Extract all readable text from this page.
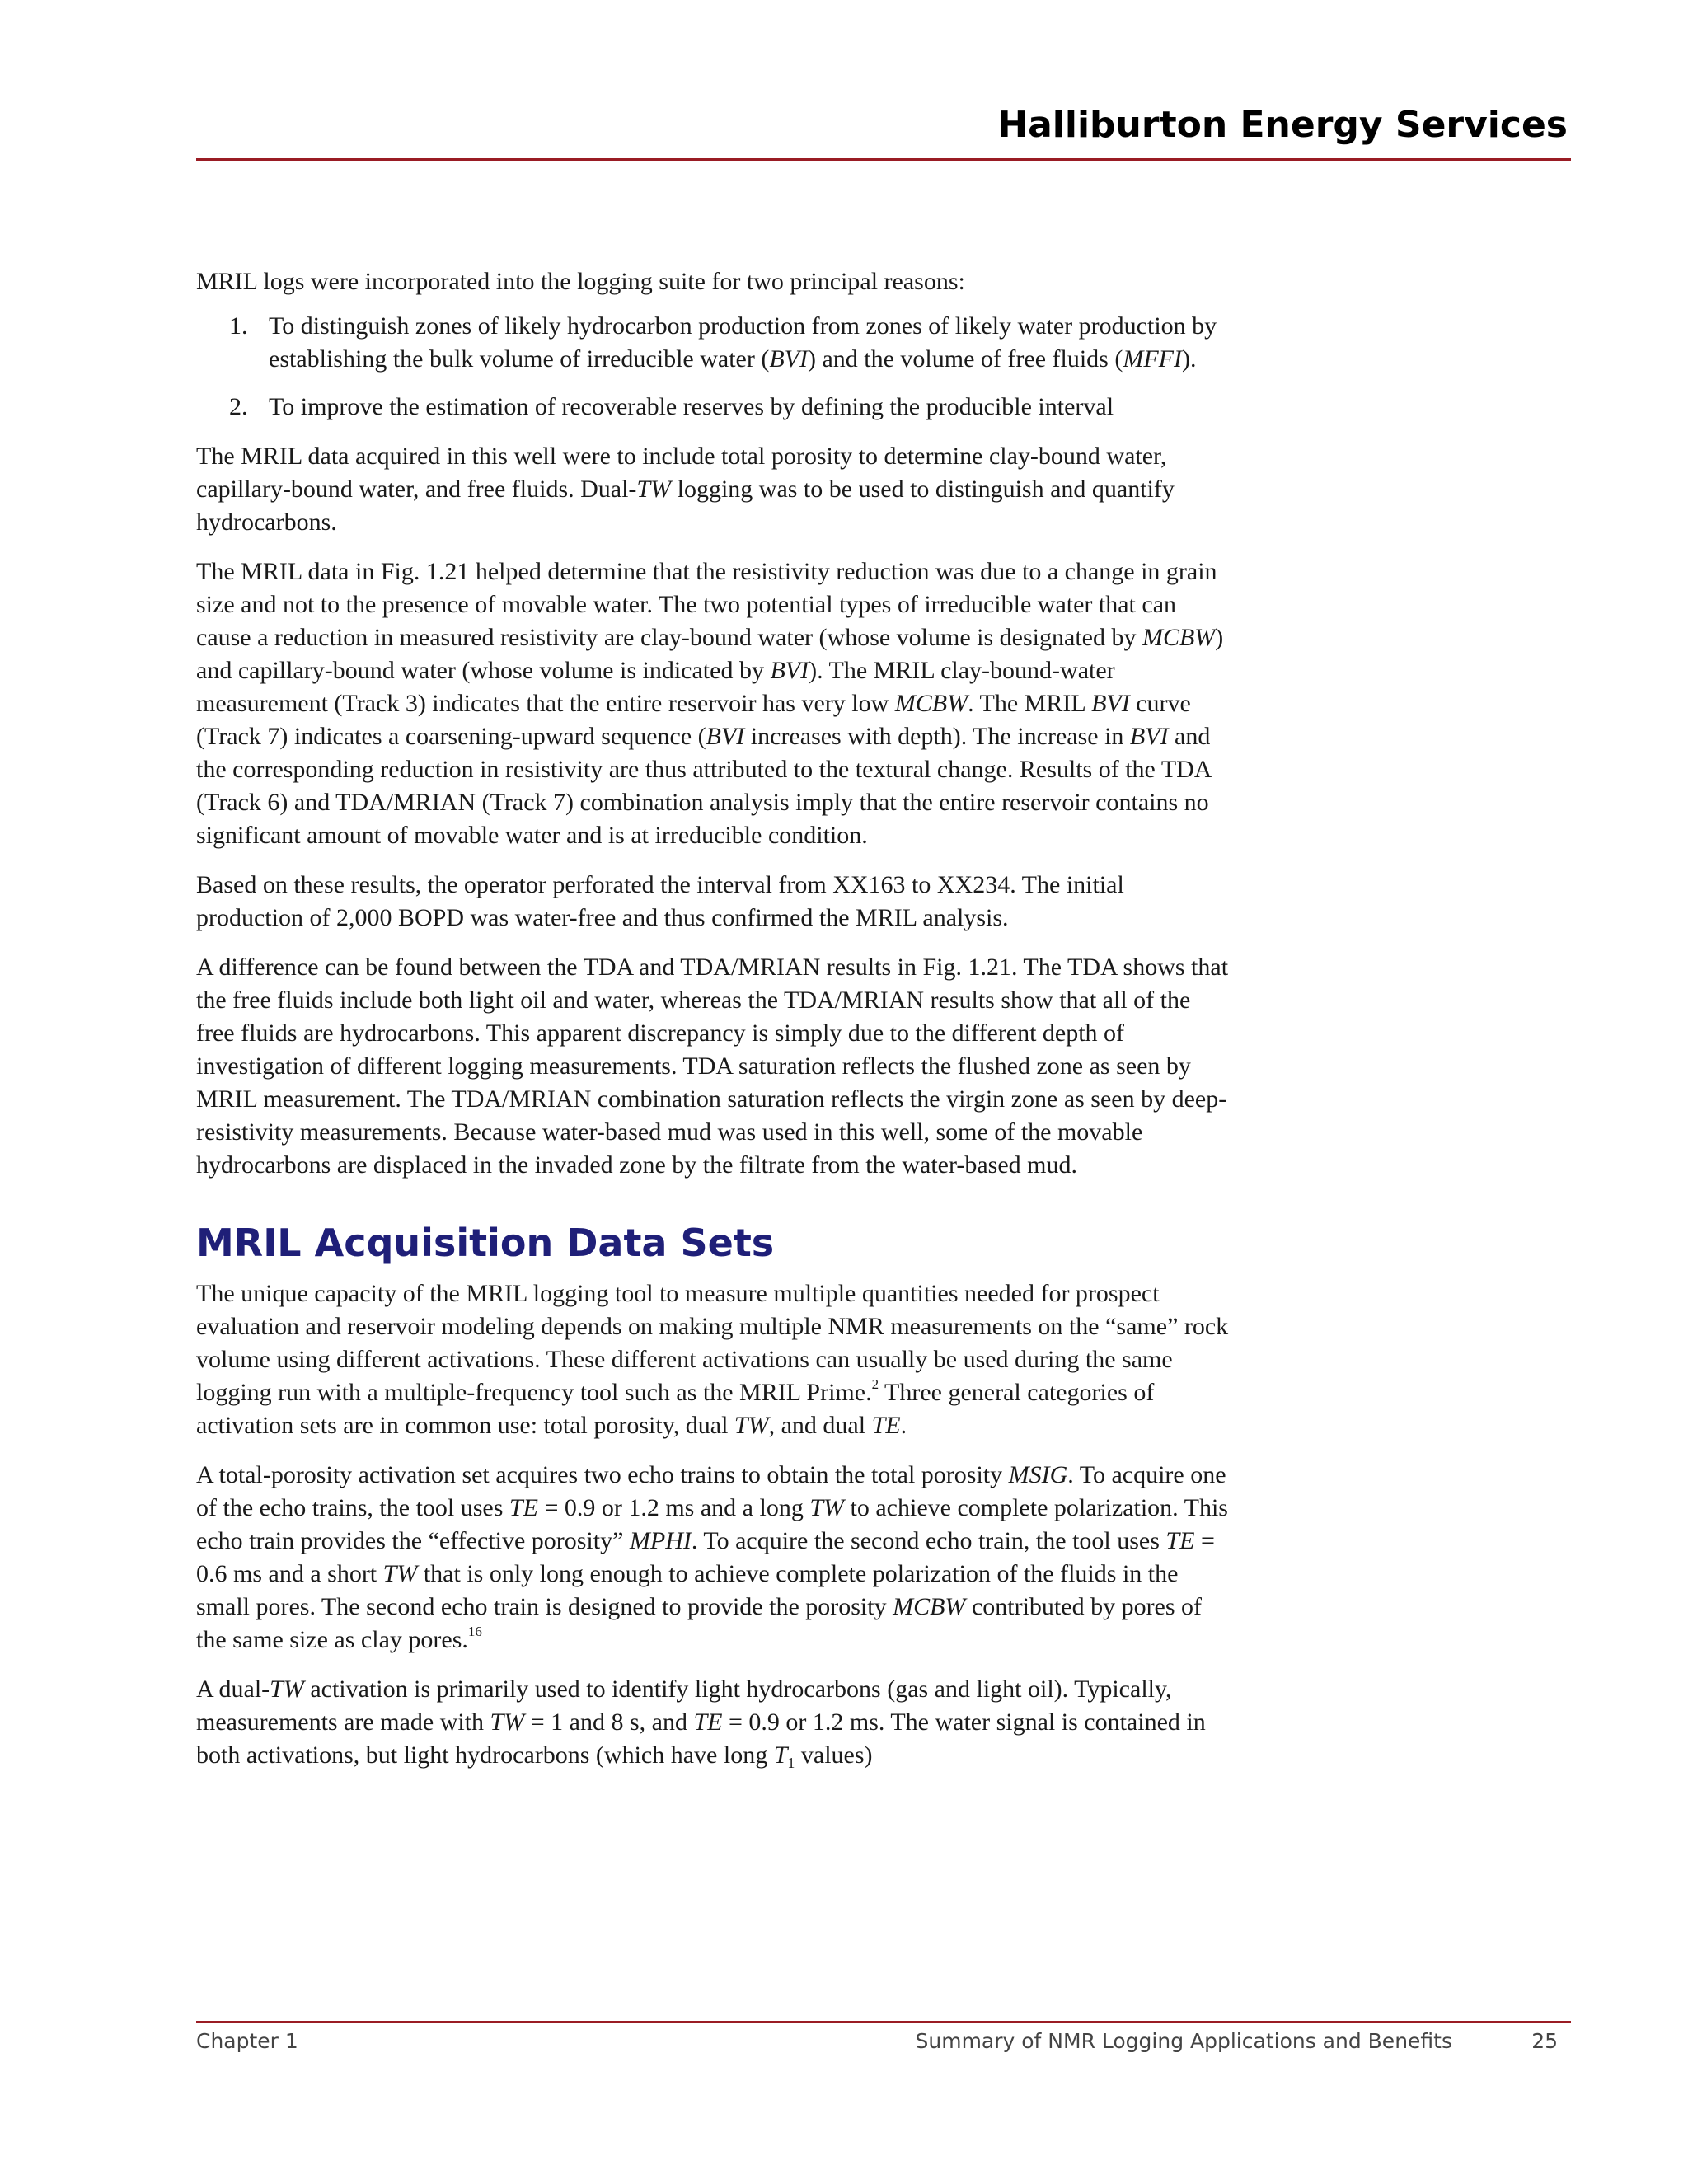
Halliburton Energy Services

MRIL logs were incorporated into the logging suite for two principal reasons:

1. To distinguish zones of likely hydrocarbon production from zones of likely water production by establishing the bulk volume of irreducible water (BVI) and the volume of free fluids (MFFI).
2. To improve the estimation of recoverable reserves by defining the producible interval

The MRIL data acquired in this well were to include total porosity to determine clay-bound water, capillary-bound water, and free fluids. Dual-TW logging was to be used to distinguish and quantify hydrocarbons.

The MRIL data in Fig. 1.21 helped determine that the resistivity reduction was due to a change in grain size and not to the presence of movable water. The two potential types of irreducible water that can cause a reduction in measured resistivity are clay-bound water (whose volume is designated by MCBW) and capillary-bound water (whose volume is indicated by BVI). The MRIL clay-bound-water measurement (Track 3) indicates that the entire reservoir has very low MCBW. The MRIL BVI curve (Track 7) indicates a coarsening-upward sequence (BVI increases with depth). The increase in BVI and the corresponding reduction in resistivity are thus attributed to the textural change. Results of the TDA (Track 6) and TDA/MRIAN (Track 7) combination analysis imply that the entire reservoir contains no significant amount of movable water and is at irreducible condition.

Based on these results, the operator perforated the interval from XX163 to XX234. The initial production of 2,000 BOPD was water-free and thus confirmed the MRIL analysis.

A difference can be found between the TDA and TDA/MRIAN results in Fig. 1.21. The TDA shows that the free fluids include both light oil and water, whereas the TDA/MRIAN results show that all of the free fluids are hydrocarbons. This apparent discrepancy is simply due to the different depth of investigation of different logging measurements. TDA saturation reflects the flushed zone as seen by MRIL measurement. The TDA/MRIAN combination saturation reflects the virgin zone as seen by deep-resistivity measurements. Because water-based mud was used in this well, some of the movable hydrocarbons are displaced in the invaded zone by the filtrate from the water-based mud.

MRIL Acquisition Data Sets

The unique capacity of the MRIL logging tool to measure multiple quantities needed for prospect evaluation and reservoir modeling depends on making multiple NMR measurements on the “same” rock volume using different activations. These different activations can usually be used during the same logging run with a multiple-frequency tool such as the MRIL Prime.$^2$ Three general categories of activation sets are in common use: total porosity, dual TW, and dual TE.

A total-porosity activation set acquires two echo trains to obtain the total porosity MSIG. To acquire one of the echo trains, the tool uses TE = 0.9 or 1.2 ms and a long TW to achieve complete polarization. This echo train provides the “effective porosity” MPHI. To acquire the second echo train, the tool uses TE = 0.6 ms and a short TW that is only long enough to achieve complete polarization of the fluids in the small pores. The second echo train is designed to provide the porosity MCBW contributed by pores of the same size as clay pores.$^{16}$

A dual-TW activation is primarily used to identify light hydrocarbons (gas and light oil). Typically, measurements are made with TW = 1 and 8 s, and TE = 0.9 or 1.2 ms. The water signal is contained in both activations, but light hydrocarbons (which have long $T_1$ values)

Chapter 1	Summary of NMR Logging Applications and Benefits	25
